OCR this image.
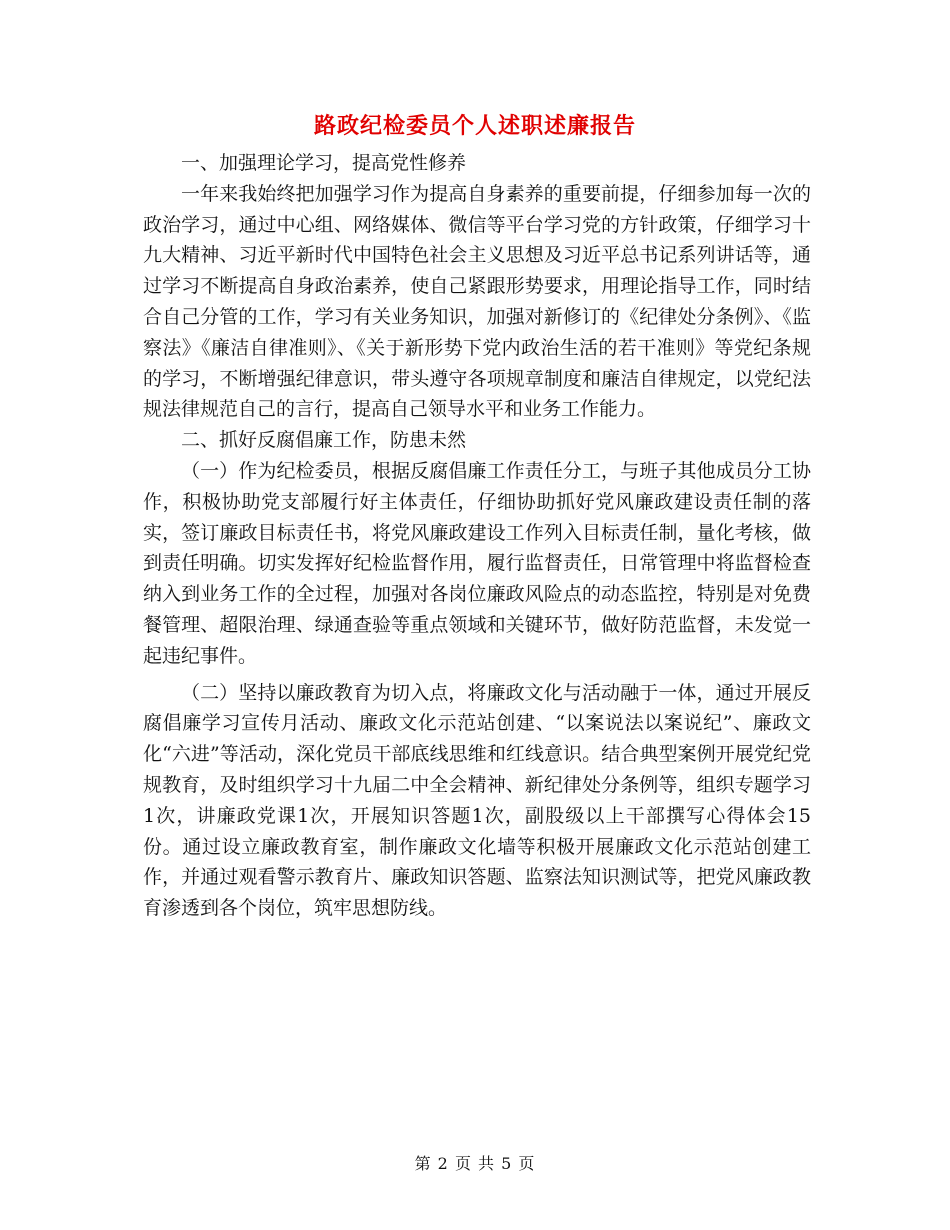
路政纪检委员个人述职述廉报告

一、加强理论学习，提高党性修养

一年来我始终把加强学习作为提高自身素养的重要前提，仔细参加每一次的政治学习，通过中心组、网络媒体、微信等平台学习党的方针政策，仔细学习十九大精神、习近平新时代中国特色社会主义思想及习近平总书记系列讲话等，通过学习不断提高自身政治素养，使自己紧跟形势要求，用理论指导工作，同时结合自己分管的工作，学习有关业务知识，加强对新修订的《纪律处分条例》、《监察法》《廉洁自律准则》、《关于新形势下党内政治生活的若干准则》等党纪条规的学习，不断增强纪律意识，带头遵守各项规章制度和廉洁自律规定，以党纪法规法律规范自己的言行，提高自己领导水平和业务工作能力。

二、抓好反腐倡廉工作，防患未然

（一）作为纪检委员，根据反腐倡廉工作责任分工，与班子其他成员分工协作，积极协助党支部履行好主体责任，仔细协助抓好党风廉政建设责任制的落实，签订廉政目标责任书，将党风廉政建设工作列入目标责任制，量化考核，做到责任明确。切实发挥好纪检监督作用，履行监督责任，日常管理中将监督检查纳入到业务工作的全过程，加强对各岗位廉政风险点的动态监控，特别是对免费餐管理、超限治理、绿通查验等重点领域和关键环节，做好防范监督，未发觉一起违纪事件。

（二）坚持以廉政教育为切入点，将廉政文化与活动融于一体，通过开展反腐倡廉学习宣传月活动、廉政文化示范站创建、“以案说法以案说纪”、廉政文化“六进”等活动，深化党员干部底线思维和红线意识。结合典型案例开展党纪党规教育，及时组织学习十九届二中全会精神、新纪律处分条例等，组织专题学习1次，讲廉政党课1次，开展知识答题1次，副股级以上干部撰写心得体会15份。通过设立廉政教育室，制作廉政文化墙等积极开展廉政文化示范站创建工作，并通过观看警示教育片、廉政知识答题、监察法知识测试等，把党风廉政教育渗透到各个岗位，筑牢思想防线。

第 2 页 共 5 页
